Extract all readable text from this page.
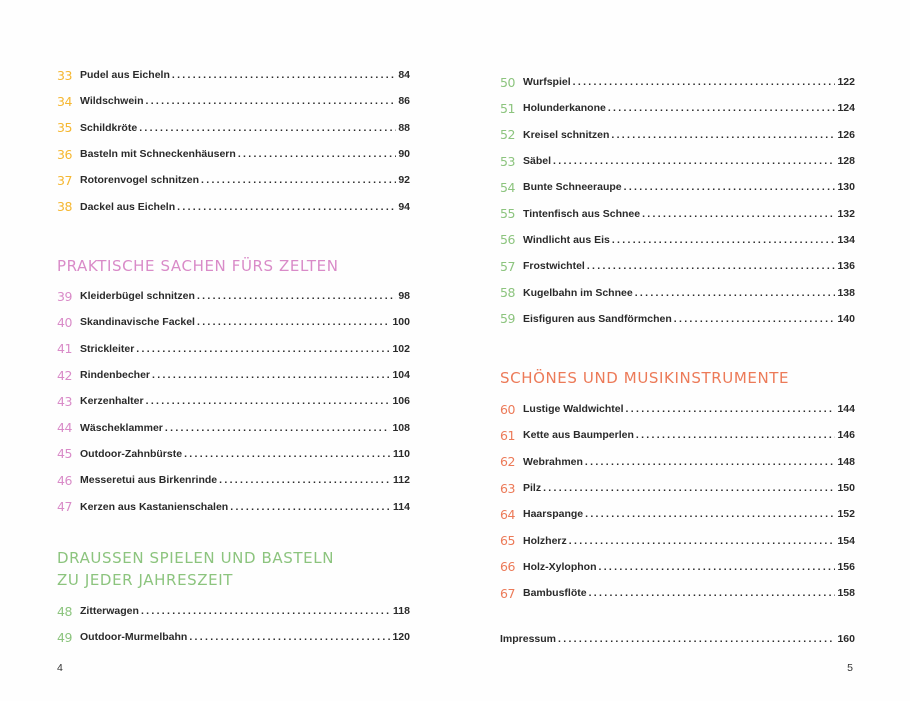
33 Pudel aus Eicheln .....	84
34 Wildschwein .....	86
35 Schildkröte .....	88
36 Basteln mit Schneckenhäusern .....	90
37 Rotorenvogel schnitzen .....	92
38 Dackel aus Eicheln .....	94
PRAKTISCHE SACHEN FÜRS ZELTEN
39 Kleiderbügel schnitzen .....	98
40 Skandinavische Fackel .....	100
41 Strickleiter .....	102
42 Rindenbecher .....	104
43 Kerzenhalter .....	106
44 Wäscheklammer .....	108
45 Outdoor-Zahnbürste .....	110
46 Messeretui aus Birkenrinde .....	112
47 Kerzen aus Kastanienschalen .....	114
DRAUSSEN SPIELEN UND BASTELN
ZU JEDER JAHRESZEIT
48 Zitterwagen .....	118
49 Outdoor-Murmelbahn .....	120
4
50 Wurfspiel .....	122
51 Holunderkanone .....	124
52 Kreisel schnitzen .....	126
53 Säbel .....	128
54 Bunte Schneeraupe .....	130
55 Tintenfisch aus Schnee .....	132
56 Windlicht aus Eis .....	134
57 Frostwichtel .....	136
58 Kugelbahn im Schnee .....	138
59 Eisfiguren aus Sandförmchen .....	140
SCHÖNES UND MUSIKINSTRUMENTE
60 Lustige Waldwichtel .....	144
61 Kette aus Baumperlen .....	146
62 Webrahmen .....	148
63 Pilz .....	150
64 Haarspange .....	152
65 Holzherz .....	154
66 Holz-Xylophon .....	156
67 Bambusflöte .....	158
Impressum .....	160
5
